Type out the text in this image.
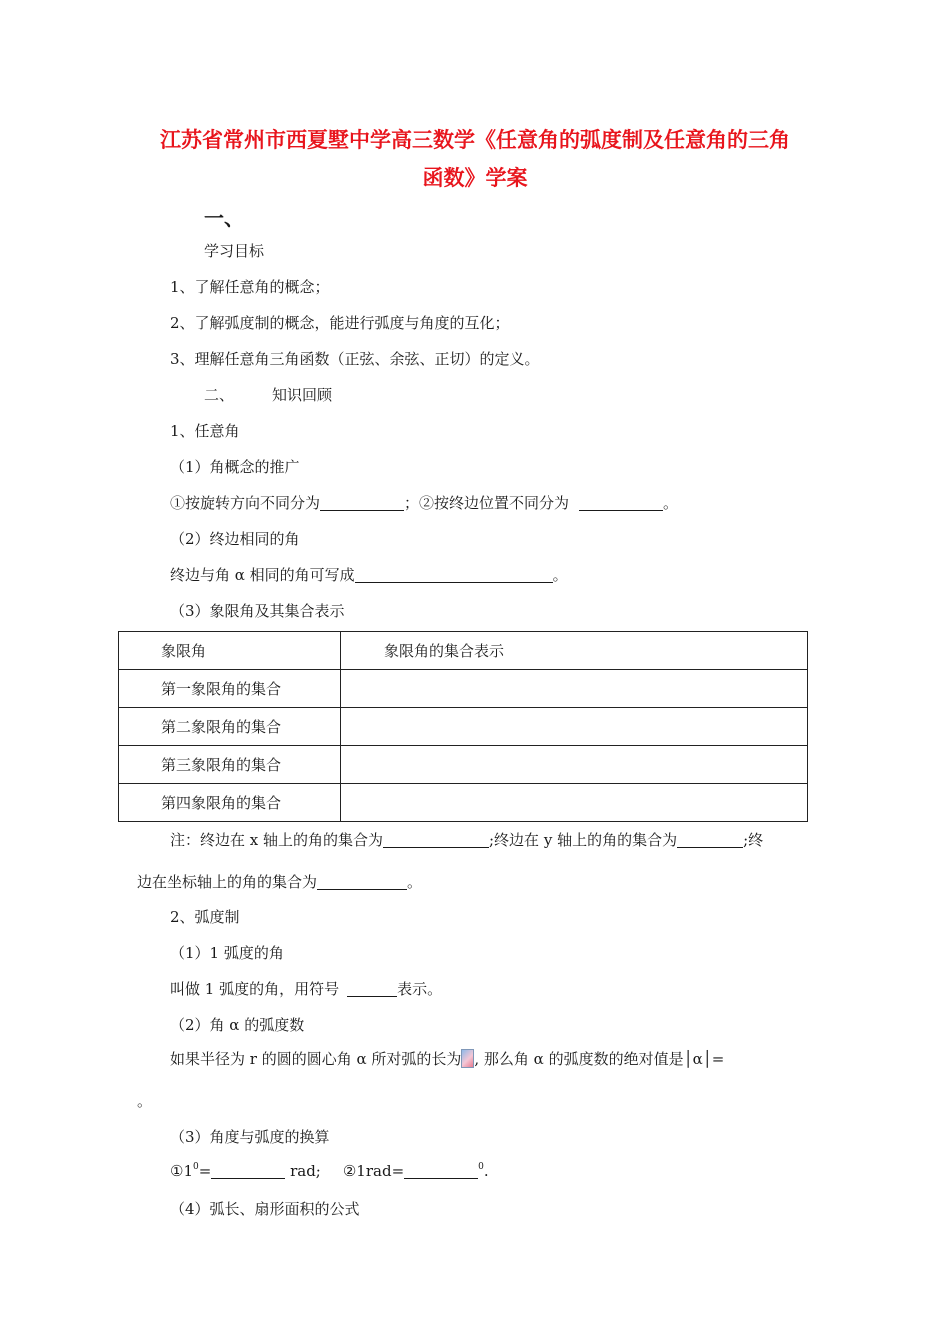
江苏省常州市西夏墅中学高三数学《任意角的弧度制及任意角的三角
函数》学案
一、
学习目标
1、了解任意角的概念；
2、了解弧度制的概念，能进行弧度与角度的互化；
3、理解任意角三角函数（正弦、余弦、正切）的定义。
二、	知识回顾
1、任意角
（1）角概念的推广
①按旋转方向不同分为	；②按终边位置不同分为	。
（2）终边相同的角
终边与角 α 相同的角可写成	。
（3）象限角及其集合表示
象限角	象限角的集合表示
第一象限角的集合	
第二象限角的集合	
第三象限角的集合	
第四象限角的集合	
注：终边在 x 轴上的角的集合为	;终边在 y 轴上的角的集合为	;终
边在坐标轴上的角的集合为	。
2、弧度制
（1）1 弧度的角
叫做 1 弧度的角，用符号	表示。
（2）角 α 的弧度数
如果半径为 r 的圆的圆心角 α 所对弧的长为 , 那么角 α 的弧度数的绝对值是│α│=
。
（3）角度与弧度的换算
$①1^0=$	rad; ②1rad=	$^0$.
（4）弧长、扇形面积的公式
